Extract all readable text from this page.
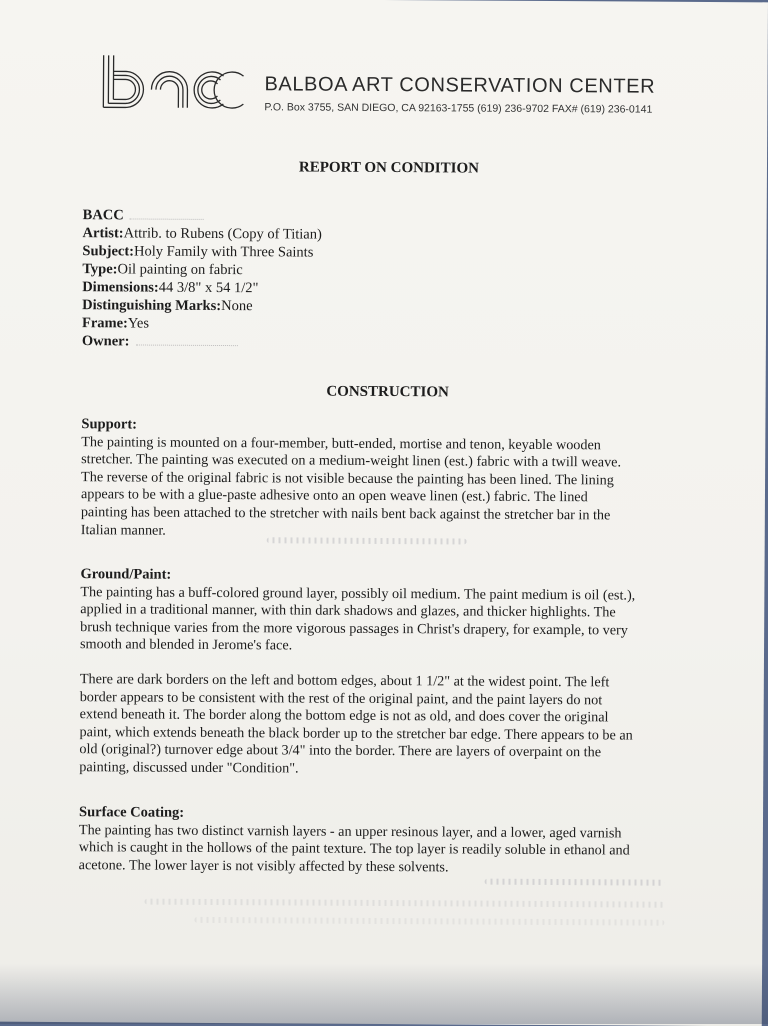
BALBOA ART CONSERVATION CENTER
P.O. Box 3755, SAN DIEGO, CA 92163-1755 (619) 236-9702 FAX# (619) 236-0141
REPORT ON CONDITION
BACC
Artist:Attrib. to Rubens (Copy of Titian)
Subject:Holy Family with Three Saints
Type:Oil painting on fabric
Dimensions:44 3/8" x 54 1/2"
Distinguishing Marks:None
Frame:Yes
Owner:
CONSTRUCTION
Support:

The painting is mounted on a four-member, butt-ended, mortise and tenon, keyable wooden

stretcher. The painting was executed on a medium-weight linen (est.) fabric with a twill weave.

The reverse of the original fabric is not visible because the painting has been lined. The lining

appears to be with a glue-paste adhesive onto an open weave linen (est.) fabric. The lined

painting has been attached to the stretcher with nails bent back against the stretcher bar in the

Italian manner.

Ground/Paint:

The painting has a buff-colored ground layer, possibly oil medium. The paint medium is oil (est.),

applied in a traditional manner, with thin dark shadows and glazes, and thicker highlights. The

brush technique varies from the more vigorous passages in Christ's drapery, for example, to very

smooth and blended in Jerome's face.

There are dark borders on the left and bottom edges, about 1 1/2" at the widest point. The left

border appears to be consistent with the rest of the original paint, and the paint layers do not

extend beneath it. The border along the bottom edge is not as old, and does cover the original

paint, which extends beneath the black border up to the stretcher bar edge. There appears to be an

old (original?) turnover edge about 3/4" into the border. There are layers of overpaint on the

painting, discussed under "Condition".

Surface Coating:

The painting has two distinct varnish layers - an upper resinous layer, and a lower, aged varnish

which is caught in the hollows of the paint texture. The top layer is readily soluble in ethanol and

acetone. The lower layer is not visibly affected by these solvents.
